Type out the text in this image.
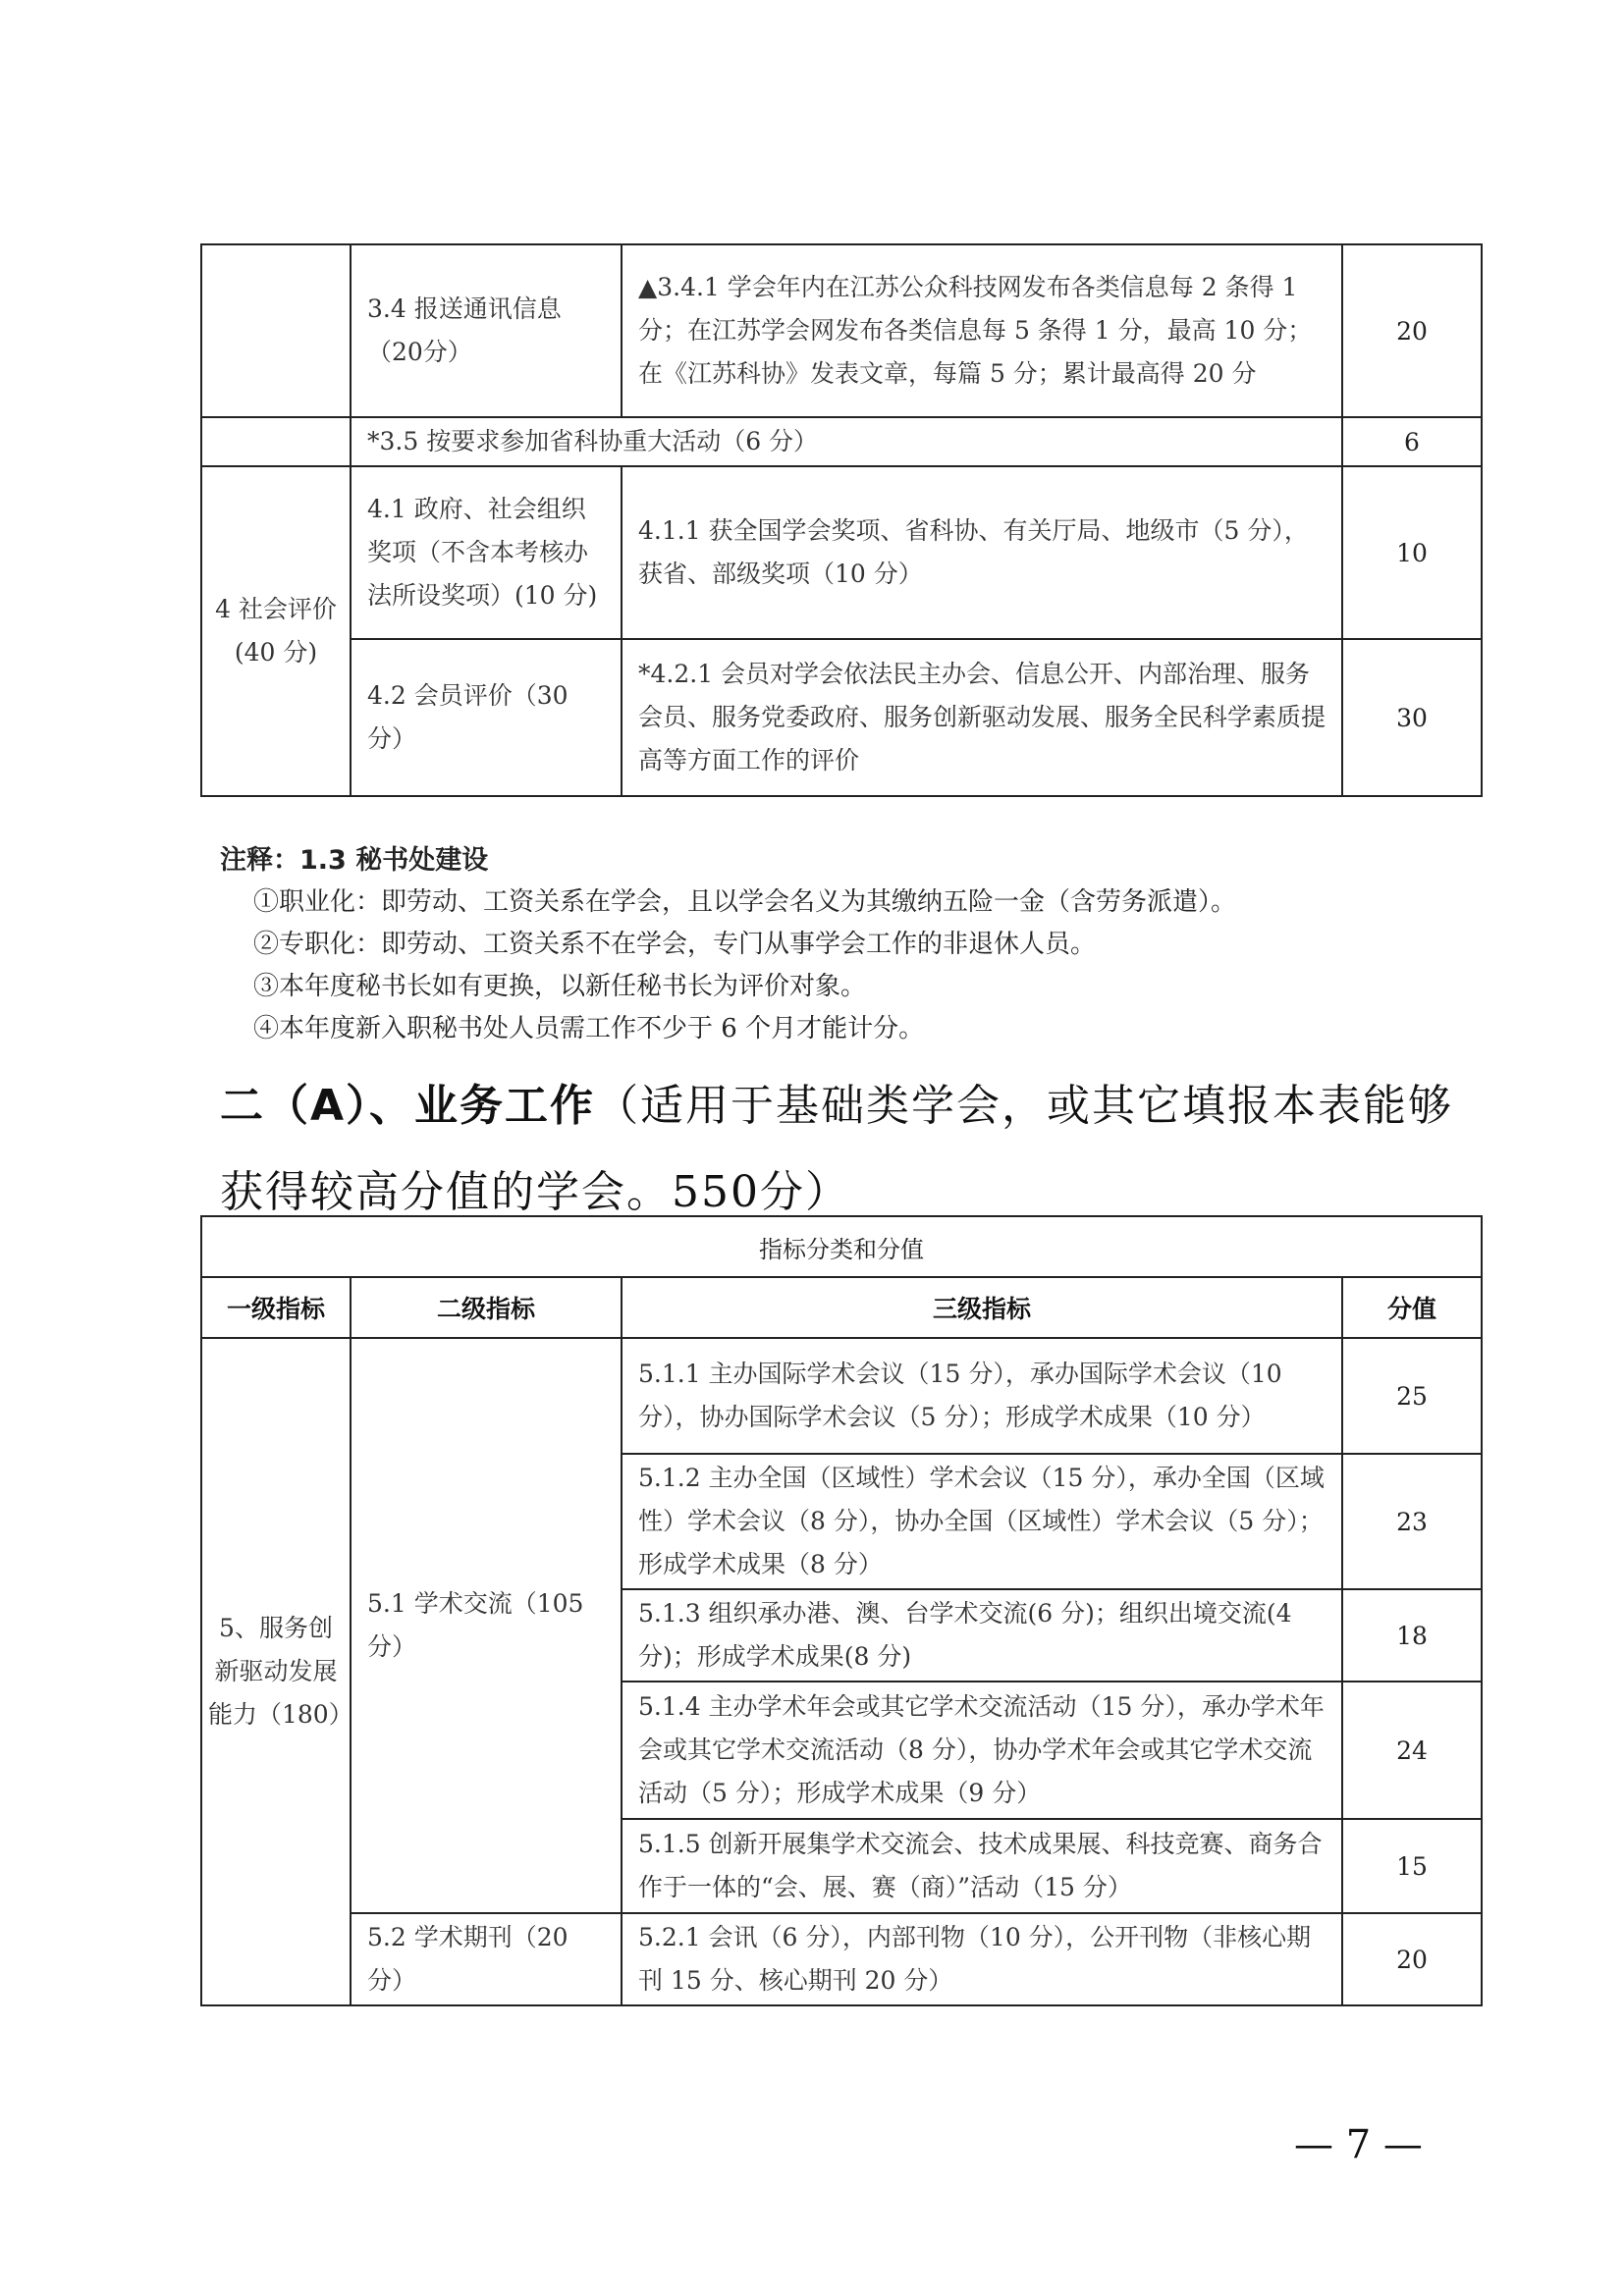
	3.4 报送通讯信息（20分）	▲3.4.1 学会年内在江苏公众科技网发布各类信息每 2 条得 1 分；在江苏学会网发布各类信息每 5 条得 1 分，最高 10 分；在《江苏科协》发表文章，每篇 5 分；累计最高得 20 分	20
	*3.5 按要求参加省科协重大活动（6 分）		6
4 社会评价(40 分)	4.1 政府、社会组织奖项（不含本考核办法所设奖项）(10 分)	4.1.1 获全国学会奖项、省科协、有关厅局、地级市（5 分），获省、部级奖项（10 分）	10
	4.2 会员评价（30 分）	*4.2.1 会员对学会依法民主办会、信息公开、内部治理、服务会员、服务党委政府、服务创新驱动发展、服务全民科学素质提高等方面工作的评价	30
注释：1.3 秘书处建设
①职业化：即劳动、工资关系在学会，且以学会名义为其缴纳五险一金（含劳务派遣）。
②专职化：即劳动、工资关系不在学会，专门从事学会工作的非退休人员。
③本年度秘书长如有更换，以新任秘书长为评价对象。
④本年度新入职秘书处人员需工作不少于 6 个月才能计分。
二（A）、业务工作（适用于基础类学会，或其它填报本表能够
获得较高分值的学会。550分）
指标分类和分值			
一级指标	二级指标	三级指标	分值
5、服务创新驱动发展能力（180）	5.1 学术交流（105 分）	5.1.1 主办国际学术会议（15 分），承办国际学术会议（10 分），协办国际学术会议（5 分）；形成学术成果（10 分）	25
		5.1.2 主办全国（区域性）学术会议（15 分），承办全国（区域性）学术会议（8 分），协办全国（区域性）学术会议（5 分）；形成学术成果（8 分）	23
		5.1.3 组织承办港、澳、台学术交流(6 分)；组织出境交流(4 分)；形成学术成果(8 分)	18
		5.1.4 主办学术年会或其它学术交流活动（15 分），承办学术年会或其它学术交流活动（8 分），协办学术年会或其它学术交流活动（5 分）；形成学术成果（9 分）	24
		5.1.5 创新开展集学术交流会、技术成果展、科技竞赛、商务合作于一体的“会、展、赛（商）”活动（15 分）	15
	5.2 学术期刊（20 分）	5.2.1 会讯（6 分），内部刊物（10 分），公开刊物（非核心期刊 15 分、核心期刊 20 分）	20
— 7 —
